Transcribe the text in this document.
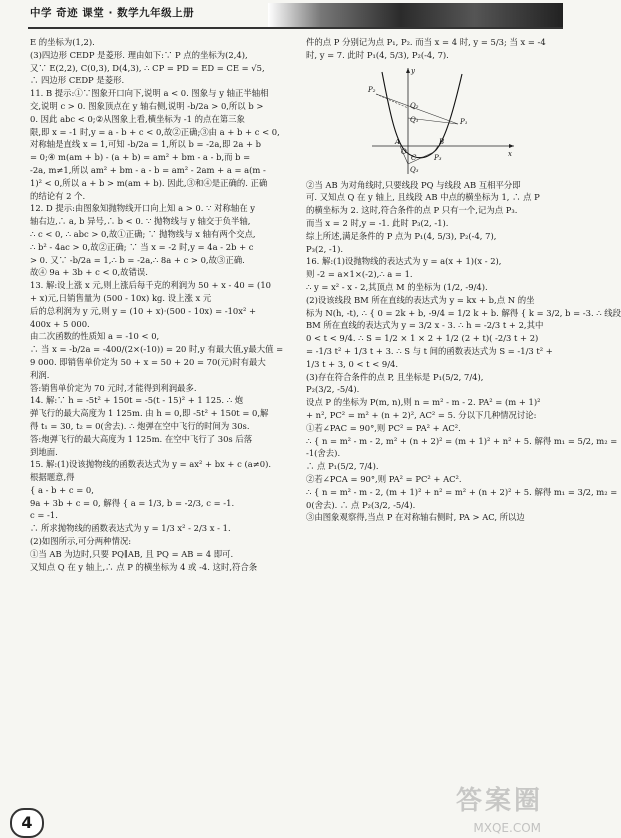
中学 奇迹 课堂 · 数学九年级上册
E 的坐标为(1,2).
(3)四边形 CEDP 是菱形. 理由如下:∵ P 点的坐标为(2,4),
又∵ E(2,2), C(0,3), D(4,3), ∴ CP = PD = ED = CE = √5,
∴ 四边形 CEDP 是菱形.
11. B 提示:①∵图象开口向下,说明 a < 0. 图象与 y 轴正半轴相
交,说明 c > 0. 图象顶点在 y 轴右侧,说明 -b/2a > 0,所以 b >
0. 因此 abc < 0;②从图象上看,横坐标为 -1 的点在第三象
限,即 x = -1 时,y = a - b + c < 0,故②正确;③由 a + b + c < 0,
对称轴是直线 x = 1,可知 -b/2a = 1,所以 b = -2a,即 2a + b
= 0;④ m(am + b) - (a + b) = am² + bm - a - b,而 b =
-2a, m≠1,所以 am² + bm - a - b = am² - 2am + a = a(m -
1)² < 0,所以 a + b > m(am + b). 因此,③和④是正确的. 正确
的结论有 2 个.
12. D 提示:由图象知抛物线开口向上知 a > 0. ∵ 对称轴在 y
轴右边,∴ a, b 异号,∴ b < 0. ∵ 抛物线与 y 轴交于负半轴,
∴ c < 0, ∴ abc > 0,故①正确; ∵ 抛物线与 x 轴有两个交点,
∴ b² - 4ac > 0,故②正确; ∵ 当 x = -2 时,y = 4a - 2b + c
> 0. 又∵ -b/2a = 1,∴ b = -2a,∴ 8a + c > 0,故③正确.
故④ 9a + 3b + c < 0,故错误.
13. 解:设上涨 x 元,则上涨后每千克的利润为 50 + x - 40 = (10
+ x)元,日销售量为 (500 - 10x) kg. 设上涨 x 元
后的总利润为 y 元,则 y = (10 + x)·(500 - 10x) = -10x² +
400x + 5 000.
由二次函数的性质知 a = -10 < 0,
∴ 当 x = -b/2a = -400/(2×(-10)) = 20 时,y 有最大值,y最大值 =
9 000. 即销售单价定为 50 + x = 50 + 20 = 70(元)时有最大
利润.
答:销售单价定为 70 元时,才能得到利润最多.
14. 解:∵ h = -5t² + 150t = -5(t - 15)² + 1 125. ∴ 炮
弹飞行的最大高度为 1 125m. 由 h = 0,即 -5t² + 150t = 0,解
得 t₁ = 30, t₂ = 0(舍去). ∴ 炮弹在空中飞行的时间为 30s.
答:炮弹飞行的最大高度为 1 125m. 在空中飞行了 30s 后落
到地面.
15. 解:(1)设该抛物线的函数表达式为 y = ax² + bx + c (a≠0).
根据题意,得
{ a - b + c = 0,
9a + 3b + c = 0, 解得 { a = 1/3, b = -2/3, c = -1.
c = -1.
∴ 所求抛物线的函数表达式为 y = 1/3 x² - 2/3 x - 1.
(2)如图所示,可分两种情况:
①当 AB 为边时,只要 PQ∥AB, 且 PQ = AB = 4 即可.
又知点 Q 在 y 轴上,∴ 点 P 的横坐标为 4 或 -4. 这时,符合条
件的点 P 分别记为点 P₁, P₂. 而当 x = 4 时, y = 5/3; 当 x = -4
时, y = 7. 此时 P₁(4, 5/3), P₂(-4, 7).
y
x
O
A	B
C
P₁
P₂
P₃
Q₁
Q₂
Q₃
②当 AB 为对角线时,只要线段 PQ 与线段 AB 互相平分即
可. 又知点 Q 在 y 轴上, 且线段 AB 中点的横坐标为 1, ∴ 点 P
的横坐标为 2. 这时,符合条件的点 P 只有一个,记为点 P₃.
而当 x = 2 时,y = -1. 此时 P₃(2, -1).
综上所述,满足条件的 P 点为 P₁(4, 5/3), P₂(-4, 7),
P₃(2, -1).
16. 解:(1)设抛物线的表达式为 y = a(x + 1)(x - 2),
则 -2 = a×1×(-2),∴ a = 1.
∴ y = x² - x - 2,其顶点 M 的坐标为 (1/2, -9/4).
(2)设该线段 BM 所在直线的表达式为 y = kx + b,点 N 的坐
标为 N(h, -t), ∴ { 0 = 2k + b, -9/4 = 1/2 k + b. 解得 { k = 3/2, b = -3. ∴ 线段
BM 所在直线的表达式为 y = 3/2 x - 3. ∴ h = -2/3 t + 2,其中
0 < t < 9/4. ∴ S = 1/2 × 1 × 2 + 1/2 (2 + t)( -2/3 t + 2)
= -1/3 t² + 1/3 t + 3. ∴ S 与 t 间的函数表达式为 S = -1/3 t² +
1/3 t + 3, 0 < t < 9/4.
(3)存在符合条件的点 P, 且坐标是 P₁(5/2, 7/4),
P₂(3/2, -5/4).
设点 P 的坐标为 P(m, n),则 n = m² - m - 2. PA² = (m + 1)²
+ n², PC² = m² + (n + 2)², AC² = 5. 分以下几种情况讨论:
①若∠PAC = 90°,则 PC² = PA² + AC².
∴ { n = m² - m - 2, m² + (n + 2)² = (m + 1)² + n² + 5. 解得 m₁ = 5/2, m₂ =
-1(舍去).
∴ 点 P₁(5/2, 7/4).
②若∠PCA = 90°,则 PA² = PC² + AC².
∴ { n = m² - m - 2, (m + 1)² + n² = m² + (n + 2)² + 5. 解得 m₁ = 3/2, m₂ =
0(舍去). ∴ 点 P₂(3/2, -5/4).
③由图象观察得,当点 P 在对称轴右侧时, PA > AC, 所以边
4
答案圈
MXQE.COM
